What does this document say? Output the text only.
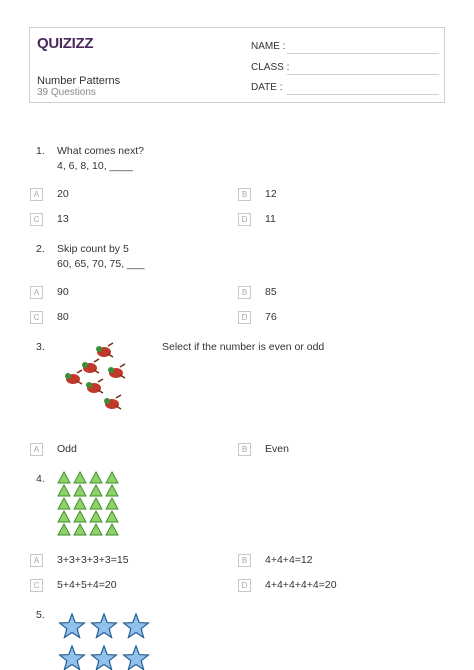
QUIZIZZ
Number Patterns
39 Questions
NAME :
CLASS :
DATE :
1. What comes next?
4, 6, 8, 10, ____
A	20	B	12
C	13	D	11
2. Skip count by 5
60, 65, 70, 75, ___
A	90	B	85
C	80	D	76
3.	Select if the number is even or odd
A	Odd	B	Even
4.
A	3+3+3+3+3=15	B	4+4+4=12
C	5+4+5+4=20	D	4+4+4+4+4=20
5.
